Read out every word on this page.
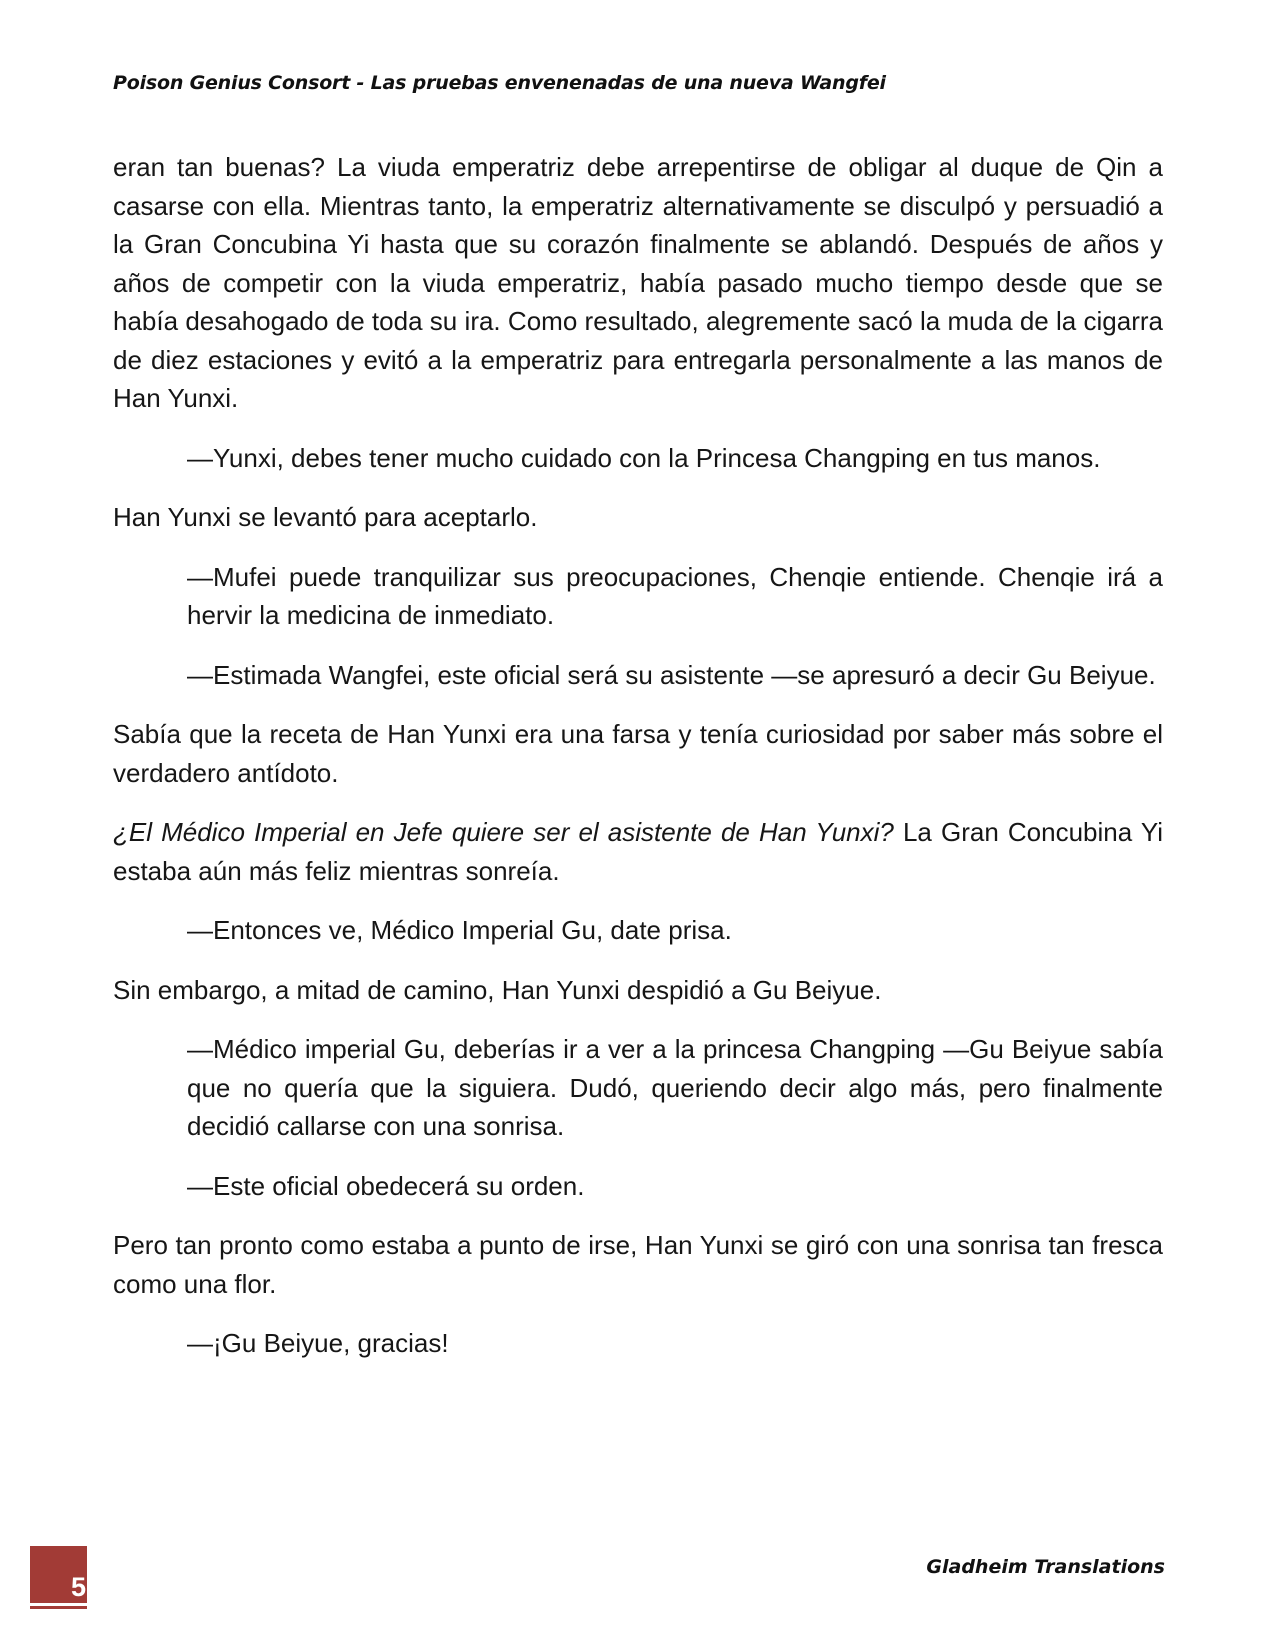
Poison Genius Consort - Las pruebas envenenadas de una nueva Wangfei

eran tan buenas? La viuda emperatriz debe arrepentirse de obligar al duque de Qin a casarse con ella. Mientras tanto, la emperatriz alternativamente se disculpó y persuadió a la Gran Concubina Yi hasta que su corazón finalmente se ablandó. Después de años y años de competir con la viuda emperatriz, había pasado mucho tiempo desde que se había desahogado de toda su ira. Como resultado, alegremente sacó la muda de la cigarra de diez estaciones y evitó a la emperatriz para entregarla personalmente a las manos de Han Yunxi.

—Yunxi, debes tener mucho cuidado con la Princesa Changping en tus manos.

Han Yunxi se levantó para aceptarlo.

—Mufei puede tranquilizar sus preocupaciones, Chenqie entiende. Chenqie irá a hervir la medicina de inmediato.

—Estimada Wangfei, este oficial será su asistente —se apresuró a decir Gu Beiyue.

Sabía que la receta de Han Yunxi era una farsa y tenía curiosidad por saber más sobre el verdadero antídoto.

¿El Médico Imperial en Jefe quiere ser el asistente de Han Yunxi? La Gran Concubina Yi estaba aún más feliz mientras sonreía.

—Entonces ve, Médico Imperial Gu, date prisa.

Sin embargo, a mitad de camino, Han Yunxi despidió a Gu Beiyue.

—Médico imperial Gu, deberías ir a ver a la princesa Changping —Gu Beiyue sabía que no quería que la siguiera. Dudó, queriendo decir algo más, pero finalmente decidió callarse con una sonrisa.

—Este oficial obedecerá su orden.

Pero tan pronto como estaba a punto de irse, Han Yunxi se giró con una sonrisa tan fresca como una flor.

—¡Gu Beiyue, gracias!

5
Gladheim Translations
